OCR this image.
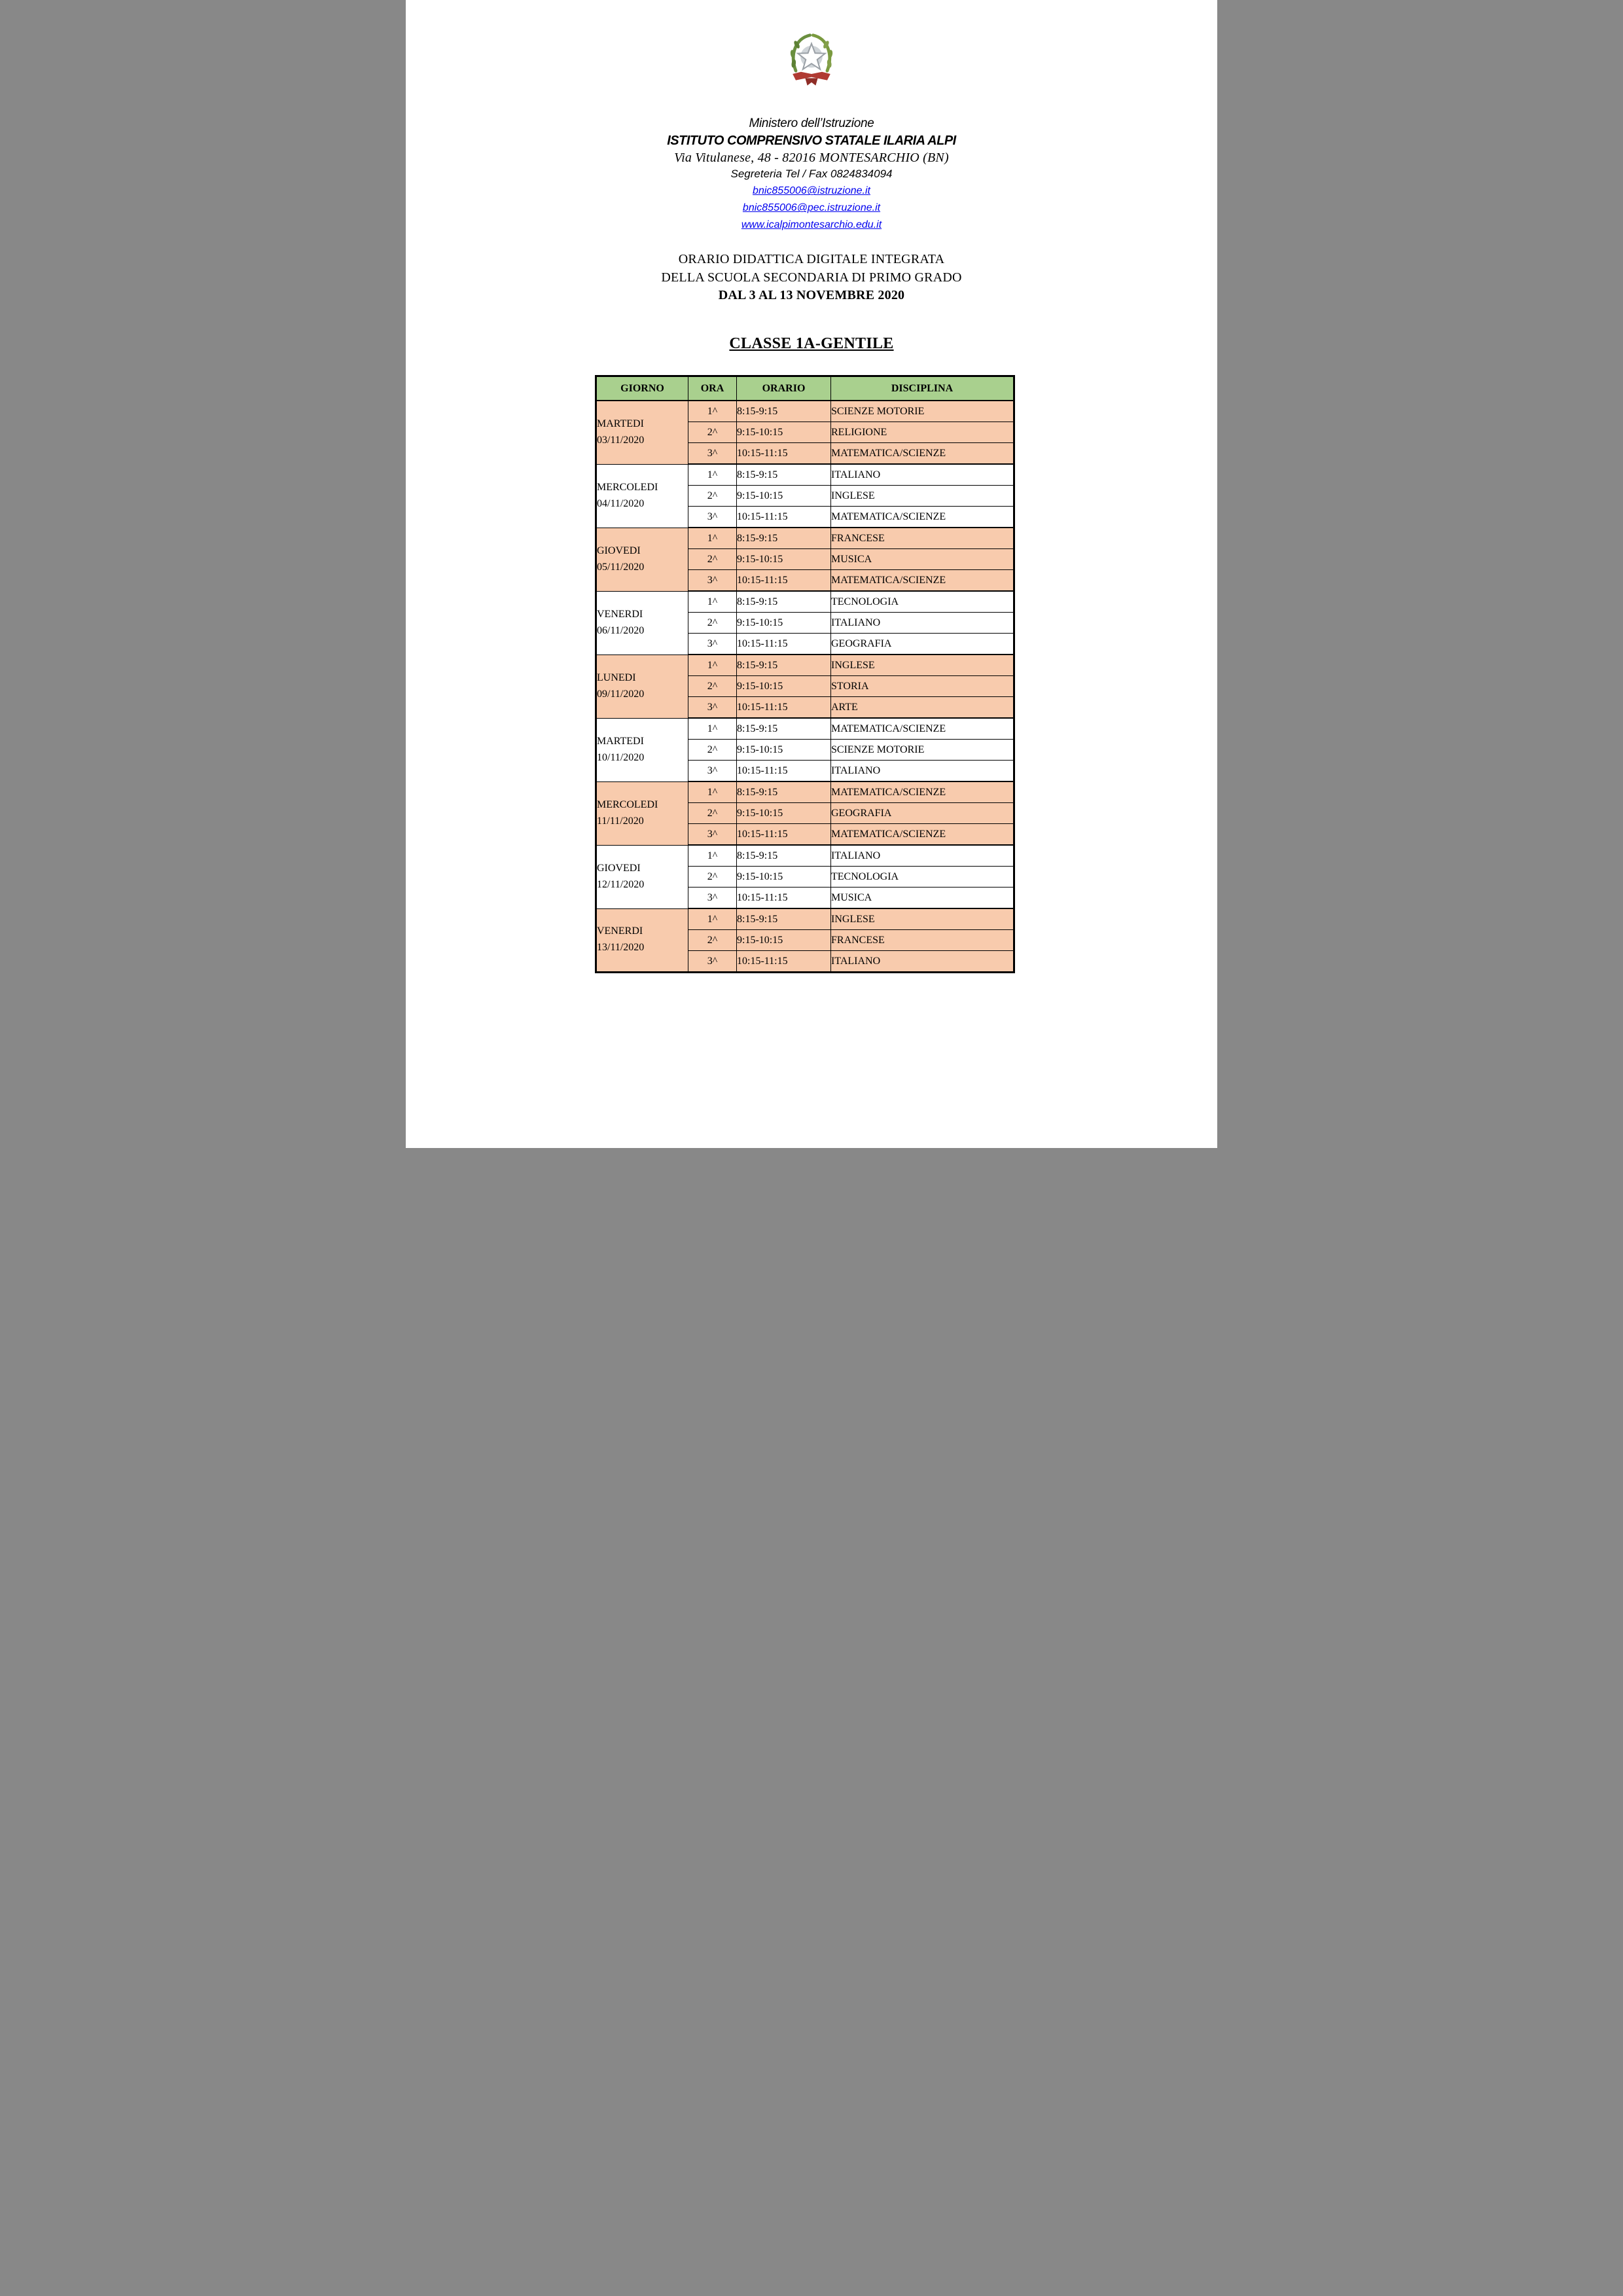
Ministero dell’Istruzione
ISTITUTO COMPRENSIVO STATALE ILARIA ALPI
Via Vitulanese, 48 - 82016 MONTESARCHIO (BN)
Segreteria Tel / Fax 0824834094
bnic855006@istruzione.it
bnic855006@pec.istruzione.it
www.icalpimontesarchio.edu.it
ORARIO DIDATTICA DIGITALE INTEGRATA
DELLA SCUOLA SECONDARIA DI PRIMO GRADO
DAL 3 AL 13 NOVEMBRE 2020
CLASSE 1A-GENTILE
GIORNO	ORA	ORARIO	DISCIPLINA

MARTEDI
03/11/2020	1^	8:15-9:15	SCIENZE MOTORIE
	2^	9:15-10:15	RELIGIONE
	3^	10:15-11:15	MATEMATICA/SCIENZE

MERCOLEDI
04/11/2020	1^	8:15-9:15	ITALIANO
	2^	9:15-10:15	INGLESE
	3^	10:15-11:15	MATEMATICA/SCIENZE

GIOVEDI
05/11/2020	1^	8:15-9:15	FRANCESE
	2^	9:15-10:15	MUSICA
	3^	10:15-11:15	MATEMATICA/SCIENZE

VENERDI
06/11/2020	1^	8:15-9:15	TECNOLOGIA
	2^	9:15-10:15	ITALIANO
	3^	10:15-11:15	GEOGRAFIA

LUNEDI
09/11/2020	1^	8:15-9:15	INGLESE
	2^	9:15-10:15	STORIA
	3^	10:15-11:15	ARTE

MARTEDI
10/11/2020	1^	8:15-9:15	MATEMATICA/SCIENZE
	2^	9:15-10:15	SCIENZE MOTORIE
	3^	10:15-11:15	ITALIANO

MERCOLEDI
11/11/2020	1^	8:15-9:15	MATEMATICA/SCIENZE
	2^	9:15-10:15	GEOGRAFIA
	3^	10:15-11:15	MATEMATICA/SCIENZE

GIOVEDI
12/11/2020	1^	8:15-9:15	ITALIANO
	2^	9:15-10:15	TECNOLOGIA
	3^	10:15-11:15	MUSICA

VENERDI
13/11/2020	1^	8:15-9:15	INGLESE
	2^	9:15-10:15	FRANCESE
	3^	10:15-11:15	ITALIANO
